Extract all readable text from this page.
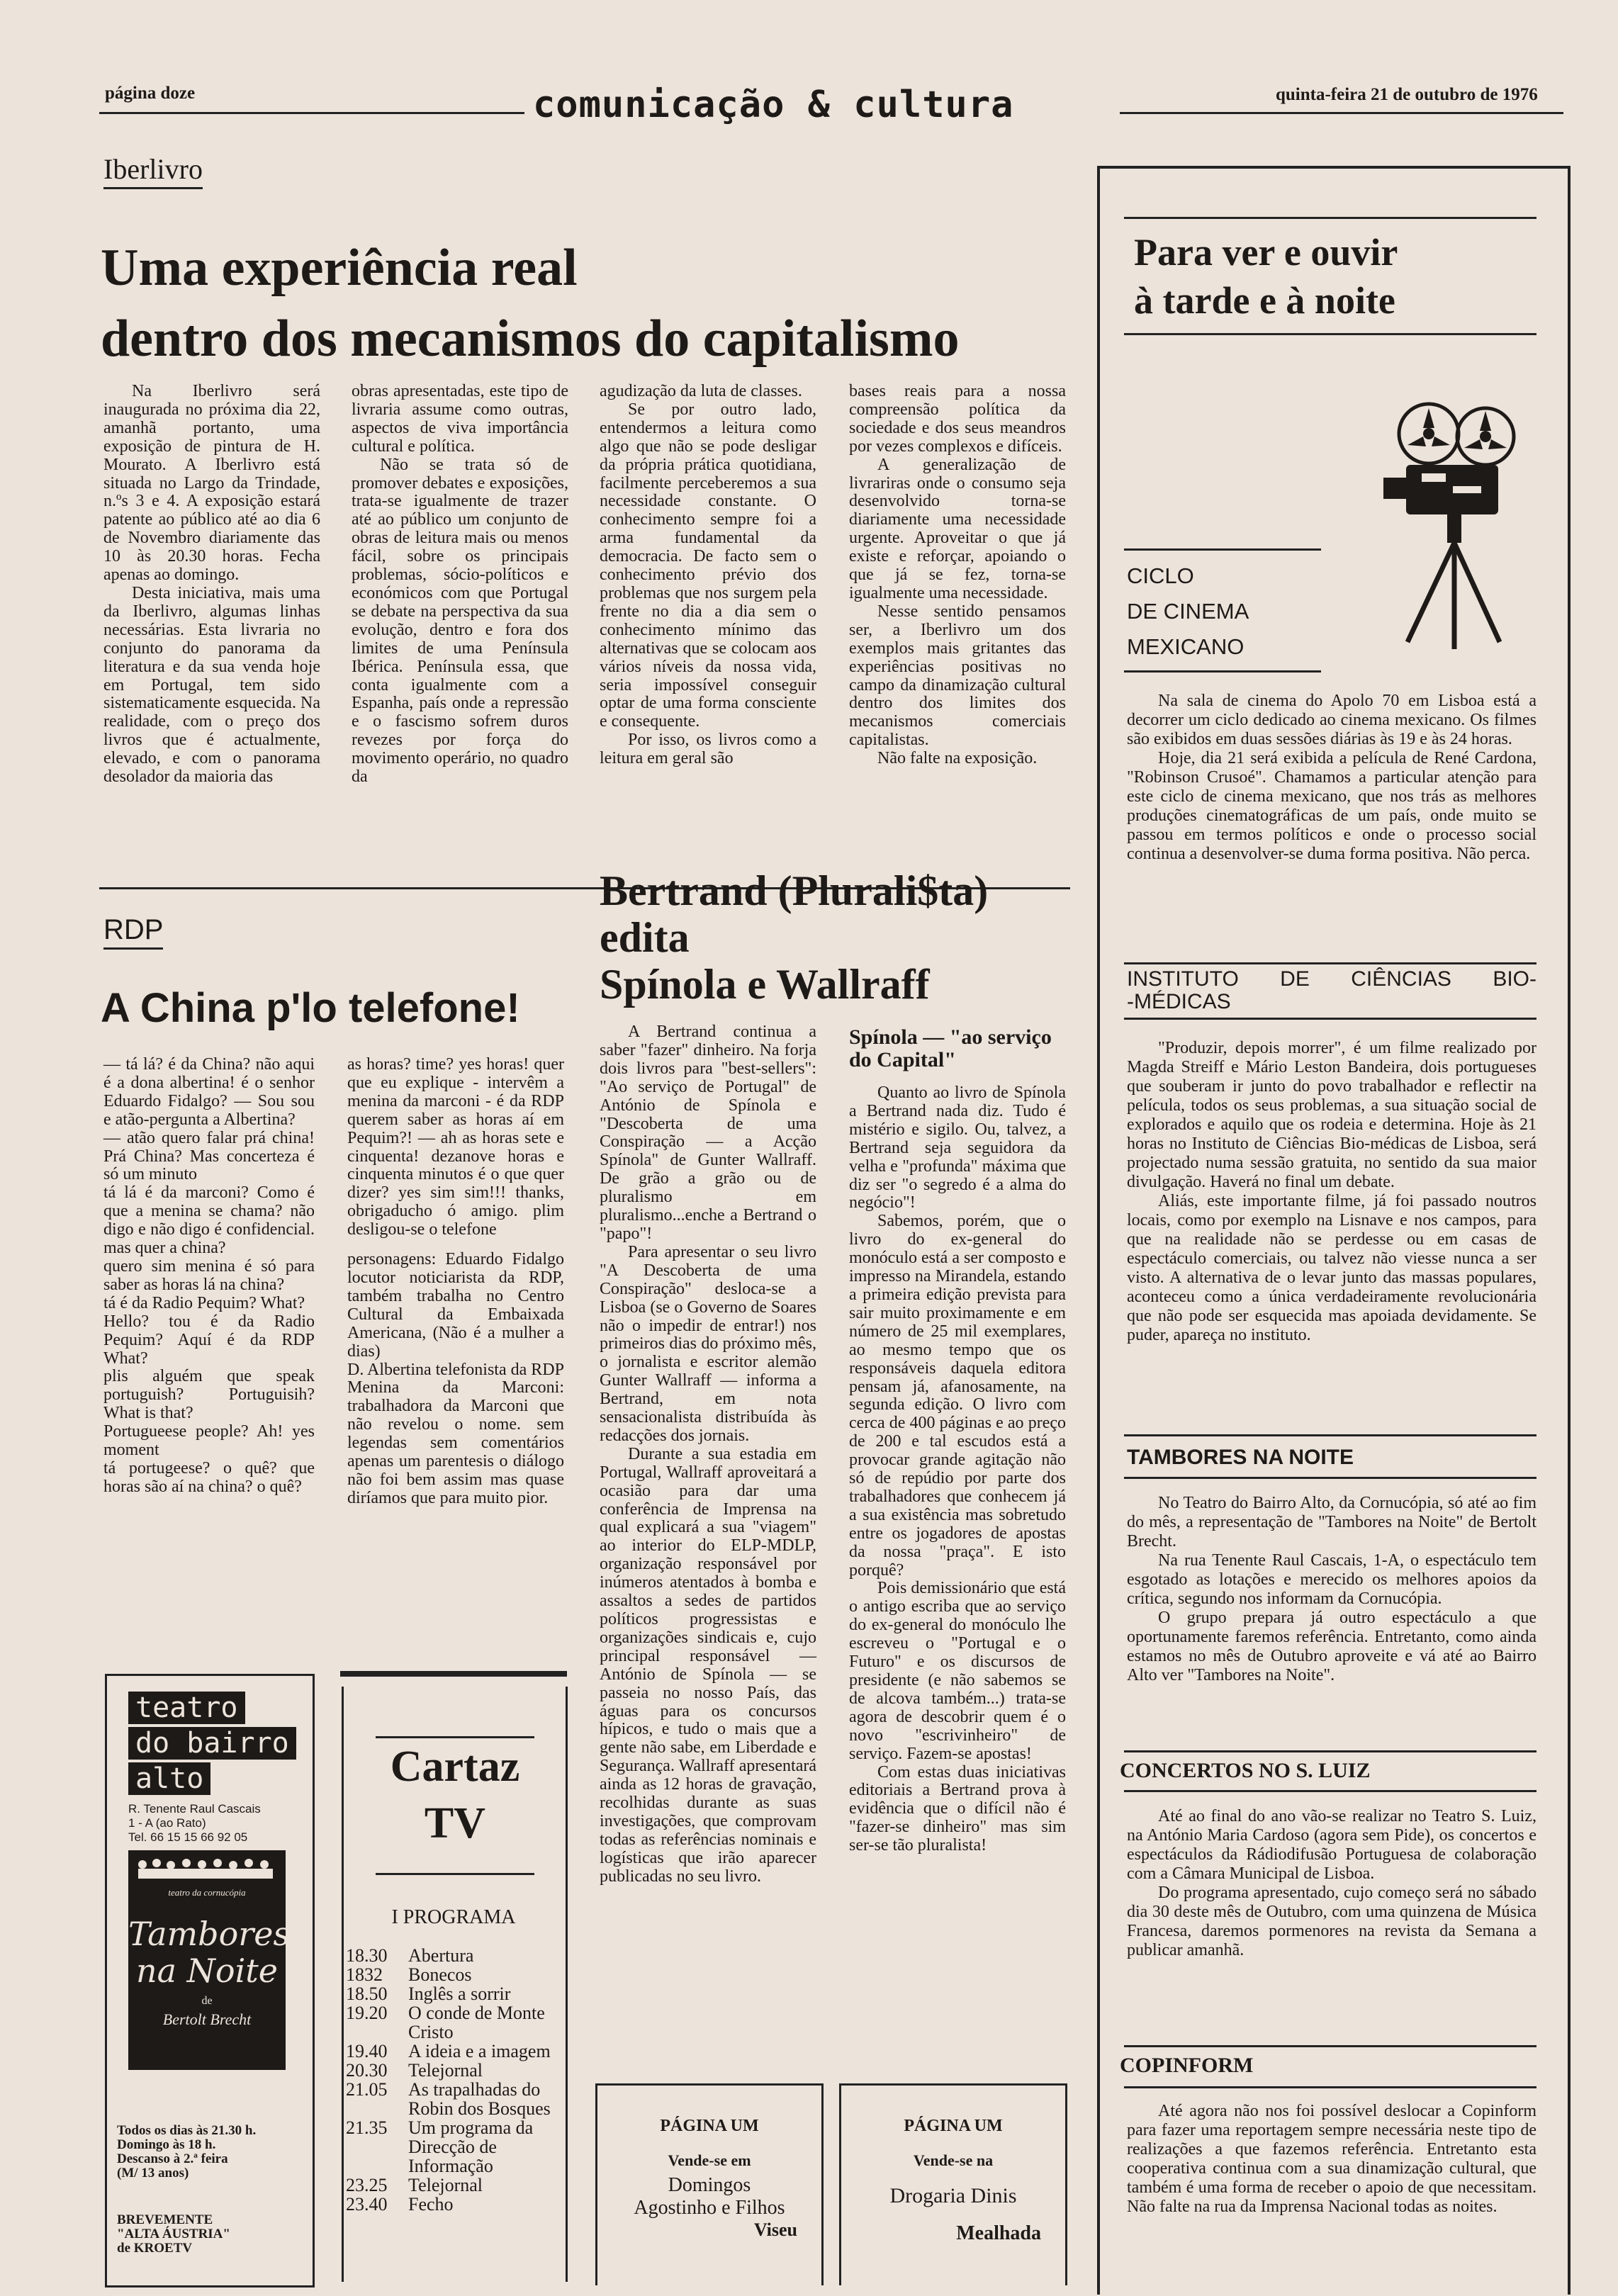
página doze	comunicação & cultura	quinta-feira 21 de outubro de 1976
Iberlivro
Uma experiência real
dentro dos mecanismos do capitalismo

Na Iberlivro será inaugurada no próxima dia 22, amanhã portanto, uma exposição de pintura de H. Mourato. A Iberlivro está situada no Largo da Trindade, n.ºs 3 e 4. A exposição estará patente ao público até ao dia 6 de Novembro diariamente das 10 às 20.30 horas. Fecha apenas ao domingo.

Desta iniciativa, mais uma da Iberlivro, algumas linhas necessárias. Esta livraria no conjunto do panorama da literatura e da sua venda hoje em Portugal, tem sido sistematicamente esquecida. Na realidade, com o preço dos livros que é actualmente, elevado, e com o panorama desolador da maioria das

obras apresentadas, este tipo de livraria assume como outras, aspectos de viva importância cultural e política.

Não se trata só de promover debates e exposições, trata-se igualmente de trazer até ao público um conjunto de obras de leitura mais ou menos fácil, sobre os principais problemas, sócio-políticos e económicos com que Portugal se debate na perspectiva da sua evolução, dentro e fora dos limites de uma Península Ibérica. Península essa, que conta igualmente com a Espanha, país onde a repressão e o fascismo sofrem duros revezes por força do movimento operário, no quadro da

agudização da luta de classes.

Se por outro lado, entendermos a leitura como algo que não se pode desligar da própria prática quotidiana, facilmente perceberemos a sua necessidade constante. O conhecimento sempre foi a arma fundamental da democracia. De facto sem o conhecimento prévio dos problemas que nos surgem pela frente no dia a dia sem o conhecimento mínimo das alternativas que se colocam aos vários níveis da nossa vida, seria impossível conseguir optar de uma forma consciente e consequente.

Por isso, os livros como a leitura em geral são

bases reais para a nossa compreensão política da sociedade e dos seus meandros por vezes complexos e difíceis.

A generalização de livrariras onde o consumo seja desenvolvido torna-se diariamente uma necessidade urgente. Aproveitar o que já existe e reforçar, apoiando o que já se fez, torna-se igualmente uma necessidade.

Nesse sentido pensamos ser, a Iberlivro um dos exemplos mais gritantes das experiências positivas no campo da dinamização cultural dentro dos limites dos mecanismos comerciais capitalistas.

Não falte na exposição.

RDP
A China p'lo telefone!

— tá lá? é da China? não aqui é a dona albertina! é o senhor Eduardo Fidalgo? — Sou sou e atão-pergunta a Albertina?

— atão quero falar prá china! Prá China? Mas concerteza é só um minuto

tá lá é da marconi? Como é que a menina se chama? não digo e não digo é confidencial. mas quer a china?

quero sim menina é só para saber as horas lá na china?

tá é da Radio Pequim? What?

Hello? tou é da Radio Pequim? Aquí é da RDP What?

plis alguém que speak portuguish? Portuguisih? What is that?

Portugueese people? Ah! yes moment

tá portugeese? o quê? que horas são aí na china? o quê?

as horas? time? yes horas! quer que eu explique - intervêm a menina da marconi - é da RDP querem saber as horas aí em Pequim?! — ah as horas sete e cinquenta! dezanove horas e cinquenta minutos é o que quer dizer? yes sim sim!!! thanks, obrigaducho ó amigo. plim desligou-se o telefone

personagens: Eduardo Fidalgo locutor noticiarista da RDP, também trabalha no Centro Cultural da Embaixada Americana, (Não é a mulher a dias)

D. Albertina telefonista da RDP

Menina da Marconi: trabalhadora da Marconi que não revelou o nome. sem legendas sem comentários apenas um parentesis o diálogo não foi bem assim mas quase diríamos que para muito pior.

teatro
do bairro
alto
R. Tenente Raul Cascais
1 - A (ao Rato)
Tel. 66 15 15 66 92 05
teatro da cornucópia
Tambores
na Noite
de
Bertolt Brecht
Todos os dias às 21.30 h.
Domingo às 18 h.
Descanso à 2.ª feira
(M/ 13 anos)
BREVEMENTE
"ALTA ÁUSTRIA"
de KROETV
Cartaz
TV
I PROGRAMA
18.30	Abertura
1832	Bonecos
18.50	Inglês a sorrir
19.20	O conde de Monte Cristo
19.40	A ideia e a imagem
20.30	Telejornal
21.05	As trapalhadas do Robin dos Bosques
21.35	Um programa da Direcção de Informação
23.25	Telejornal
23.40	Fecho
Bertrand (Plurali$ta)
edita
Spínola e Wallraff

A Bertrand continua a saber "fazer" dinheiro. Na forja dois livros para "best-sellers": "Ao serviço de Portugal" de António de Spínola e "Descoberta de uma Conspiração — a Acção Spínola" de Gunter Wallraff. De grão a grão ou de pluralismo em pluralismo...enche a Bertrand o "papo"!

Para apresentar o seu livro "A Descoberta de uma Conspiração" desloca-se a Lisboa (se o Governo de Soares não o impedir de entrar!) nos primeiros dias do próximo mês, o jornalista e escritor alemão Gunter Wallraff — informa a Bertrand, em nota sensacionalista distribuída às redacções dos jornais.

Durante a sua estadia em Portugal, Wallraff aproveitará a ocasião para dar uma conferência de Imprensa na qual explicará a sua "viagem" ao interior do ELP-MDLP, organização responsável por inúmeros atentados à bomba e assaltos a sedes de partidos políticos progressistas e organizações sindicais e, cujo principal responsável — António de Spínola — se passeia no nosso País, das águas para os concursos hípicos, e tudo o mais que a gente não sabe, em Liberdade e Segurança. Wallraff apresentará ainda as 12 horas de gravação, recolhidas durante as suas investigações, que comprovam todas as referências nominais e logísticas que irão aparecer publicadas no seu livro.

Spínola — "ao serviço do Capital"

Quanto ao livro de Spínola a Bertrand nada diz. Tudo é mistério e sigilo. Ou, talvez, a Bertrand seja seguidora da velha e "profunda" máxima que diz ser "o segredo é a alma do negócio"!

Sabemos, porém, que o livro do ex-general do monóculo está a ser composto e impresso na Mirandela, estando a primeira edição prevista para sair muito proximamente e em número de 25 mil exemplares, ao mesmo tempo que os responsáveis daquela editora pensam já, afanosamente, na segunda edição. O livro com cerca de 400 páginas e ao preço de 200 e tal escudos está a provocar grande agitação não só de repúdio por parte dos trabalhadores que conhecem já a sua existência mas sobretudo entre os jogadores de apostas da nossa "praça". E isto porquê?

Pois demissionário que está o antigo escriba que ao serviço do ex-general do monóculo lhe escreveu o "Portugal e o Futuro" e os discursos de presidente (e não sabemos se de alcova também...) trata-se agora de descobrir quem é o novo "escrivinheiro" de serviço. Fazem-se apostas!

Com estas duas iniciativas editoriais a Bertrand prova à evidência que o difícil não é "fazer-se dinheiro" mas sim ser-se tão pluralista!

PÁGINA UM
Vende-se em
Domingos
Agostinho e Filhos
Viseu
PÁGINA UM
Vende-se na
Drogaria Dinis
Mealhada
Para ver e ouvir
à tarde e à noite
CICLO
DE CINEMA
MEXICANO

Na sala de cinema do Apolo 70 em Lisboa está a decorrer um ciclo dedicado ao cinema mexicano. Os filmes são exibidos em duas sessões diárias às 19 e às 24 horas.

Hoje, dia 21 será exibida a película de René Cardona, "Robinson Crusoé". Chamamos a particular atenção para este ciclo de cinema mexicano, que nos trás as melhores produções cinematográficas de um país, onde muito se passou em termos políticos e onde o processo social continua a desenvolver-se duma forma positiva. Não perca.

INSTITUTO DE CIÊNCIAS BIO-
-MÉDICAS

"Produzir, depois morrer", é um filme realizado por Magda Streiff e Mário Leston Bandeira, dois portugueses que souberam ir junto do povo trabalhador e reflectir na película, todos os seus problemas, a sua situação social de explorados e aquilo que os rodeia e determina. Hoje às 21 horas no Instituto de Ciências Bio-médicas de Lisboa, será projectado numa sessão gratuita, no sentido da sua maior divulgação. Haverá no final um debate.

Aliás, este importante filme, já foi passado noutros locais, como por exemplo na Lisnave e nos campos, para que na realidade não se perdesse ou em casas de espectáculo comerciais, ou talvez não viesse nunca a ser visto. A alternativa de o levar junto das massas populares, aconteceu como a única verdadeiramente revolucionária que não pode ser esquecida mas apoiada devidamente. Se puder, apareça no instituto.

TAMBORES NA NOITE

No Teatro do Bairro Alto, da Cornucópia, só até ao fim do mês, a representação de "Tambores na Noite" de Bertolt Brecht.

Na rua Tenente Raul Cascais, 1-A, o espectáculo tem esgotado as lotações e merecido os melhores apoios da crítica, segundo nos informam da Cornucópia.

O grupo prepara já outro espectáculo a que oportunamente faremos referência. Entretanto, como ainda estamos no mês de Outubro aproveite e vá até ao Bairro Alto ver "Tambores na Noite".

CONCERTOS NO S. LUIZ

Até ao final do ano vão-se realizar no Teatro S. Luiz, na António Maria Cardoso (agora sem Pide), os concertos e espectáculos da Rádiodifusão Portuguesa de colaboração com a Câmara Municipal de Lisboa.

Do programa apresentado, cujo começo será no sábado dia 30 deste mês de Outubro, com uma quinzena de Música Francesa, daremos pormenores na revista da Semana a publicar amanhã.

COPINFORM

Até agora não nos foi possível deslocar a Copinform para fazer uma reportagem sempre necessária neste tipo de realizações a que fazemos referência. Entretanto esta cooperativa continua com a sua dinamização cultural, que também é uma forma de receber o apoio de que necessitam. Não falte na rua da Imprensa Nacional todas as noites.
